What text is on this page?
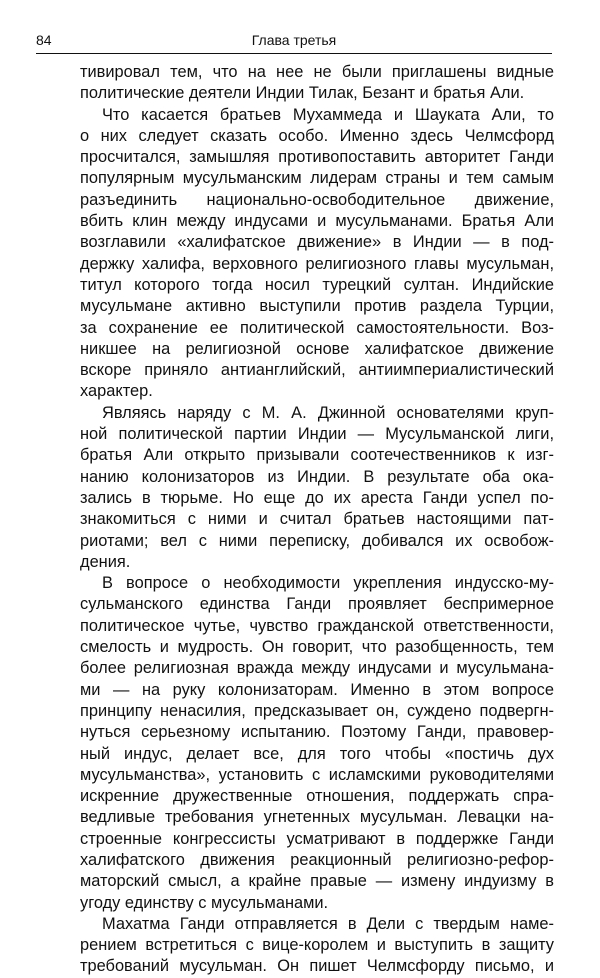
84	Глава третья
тивировал тем, что на нее не были приглашены видные
политические деятели Индии Тилак, Безант и братья Али.
Что касается братьев Мухаммеда и Шауката Али, то
о них следует сказать особо. Именно здесь Челмсфорд
просчитался, замышляя противопоставить авторитет Ганди
популярным мусульманским лидерам страны и тем самым
разъединить национально-освободительное движение,
вбить клин между индусами и мусульманами. Братья Али
возглавили «халифатское движение» в Индии — в под-
держку халифа, верховного религиозного главы мусульман,
титул которого тогда носил турецкий султан. Индийские
мусульмане активно выступили против раздела Турции,
за сохранение ее политической самостоятельности. Воз-
никшее на религиозной основе халифатское движение
вскоре приняло антианглийский, антиимпериалистический
характер.
Являясь наряду с М. А. Джинной основателями круп-
ной политической партии Индии — Мусульманской лиги,
братья Али открыто призывали соотечественников к изг-
нанию колонизаторов из Индии. В результате оба ока-
зались в тюрьме. Но еще до их ареста Ганди успел по-
знакомиться с ними и считал братьев настоящими пат-
риотами; вел с ними переписку, добивался их освобож-
дения.
В вопросе о необходимости укрепления индусско-му-
сульманского единства Ганди проявляет беспримерное
политическое чутье, чувство гражданской ответственности,
смелость и мудрость. Он говорит, что разобщенность, тем
более религиозная вражда между индусами и мусульмана-
ми — на руку колонизаторам. Именно в этом вопросе
принципу ненасилия, предсказывает он, суждено подвергн-
нуться серьезному испытанию. Поэтому Ганди, правовер-
ный индус, делает все, для того чтобы «постичь дух
мусульманства», установить с исламскими руководителями
искренние дружественные отношения, поддержать спра-
ведливые требования угнетенных мусульман. Левацки на-
строенные конгрессисты усматривают в поддержке Ганди
халифатского движения реакционный религиозно-рефор-
маторский смысл, а крайне правые — измену индуизму в
угоду единству с мусульманами.
Махатма Ганди отправляется в Дели с твердым наме-
рением встретиться с вице-королем и выступить в защиту
требований мусульман. Он пишет Челмсфорду письмо, и
